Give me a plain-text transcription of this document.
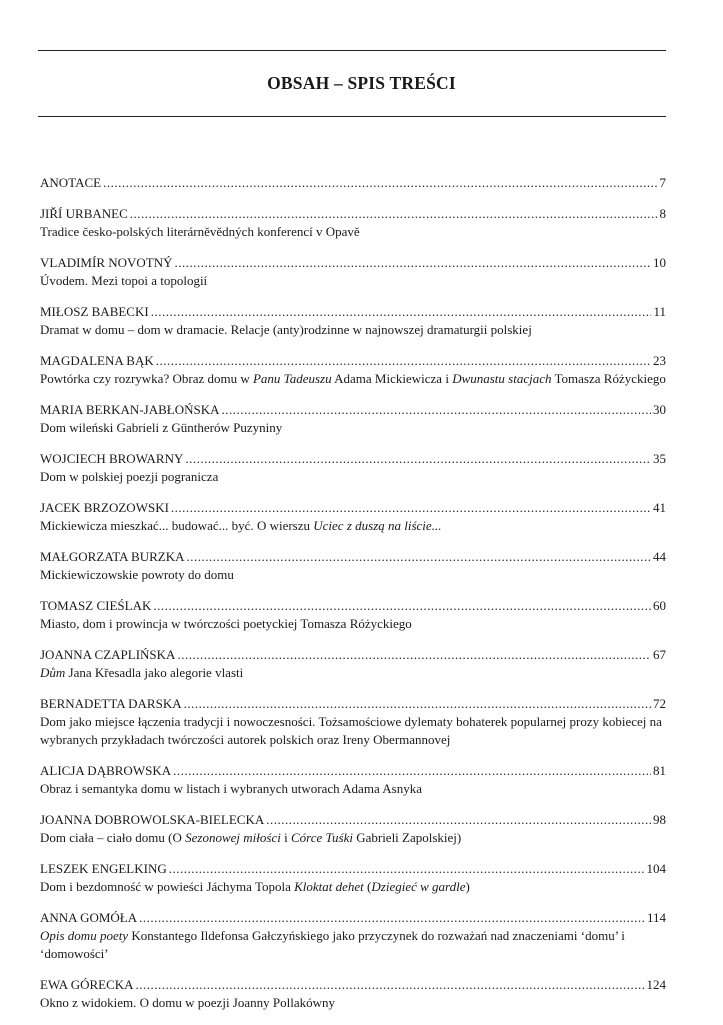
OBSAH – SPIS TREŚCI
ANOTACE .....	7
JIŘÍ URBANEC .....	8
Tradice česko-polských literárněvědných konferencí v Opavě
VLADIMÍR NOVOTNÝ .....	10
Úvodem. Mezi topoi a topologií
MIŁOSZ BABECKI .....	11
Dramat w domu – dom w dramacie. Relacje (anty)rodzinne w najnowszej dramaturgii polskiej
MAGDALENA BĄK .....	23
Powtórka czy rozrywka? Obraz domu w Panu Tadeuszu Adama Mickiewicza i Dwunastu stacjach Tomasza Różyckiego
MARIA BERKAN-JABŁOŃSKA .....	30
Dom wileński Gabrieli z Güntherów Puzyniny
WOJCIECH BROWARNY .....	35
Dom w polskiej poezji pogranicza
JACEK BRZOZOWSKI .....	41
Mickiewicza mieszkać... budować... być. O wierszu Uciec z duszą na liście...
MAŁGORZATA BURZKA .....	44
Mickiewiczowskie powroty do domu
TOMASZ CIEŚLAK .....	60
Miasto, dom i prowincja w twórczości poetyckiej Tomasza Różyckiego
JOANNA CZAPLIŃSKA .....	67
Dům Jana Křesadla jako alegorie vlasti
BERNADETTA DARSKA .....	72
Dom jako miejsce łączenia tradycji i nowoczesności. Tożsamościowe dylematy bohaterek popularnej prozy kobiecej na wybranych przykładach twórczości autorek polskich oraz Ireny Obermannovej
ALICJA DĄBROWSKA .....	81
Obraz i semantyka domu w listach i wybranych utworach Adama Asnyka
JOANNA DOBROWOLSKA-BIELECKA .....	98
Dom ciała – ciało domu (O Sezonowej miłości i Córce Tuśki Gabrieli Zapolskiej)
LESZEK ENGELKING .....	104
Dom i bezdomność w powieści Jáchyma Topola Kloktat dehet (Dziegieć w gardle)
ANNA GOMÓŁA .....	114
Opis domu poety Konstantego Ildefonsa Gałczyńskiego jako przyczynek do rozważań nad znaczeniami ‘domu’ i ‘domowości’
EWA GÓRECKA .....	124
Okno z widokiem. O domu w poezji Joanny Pollakówny
